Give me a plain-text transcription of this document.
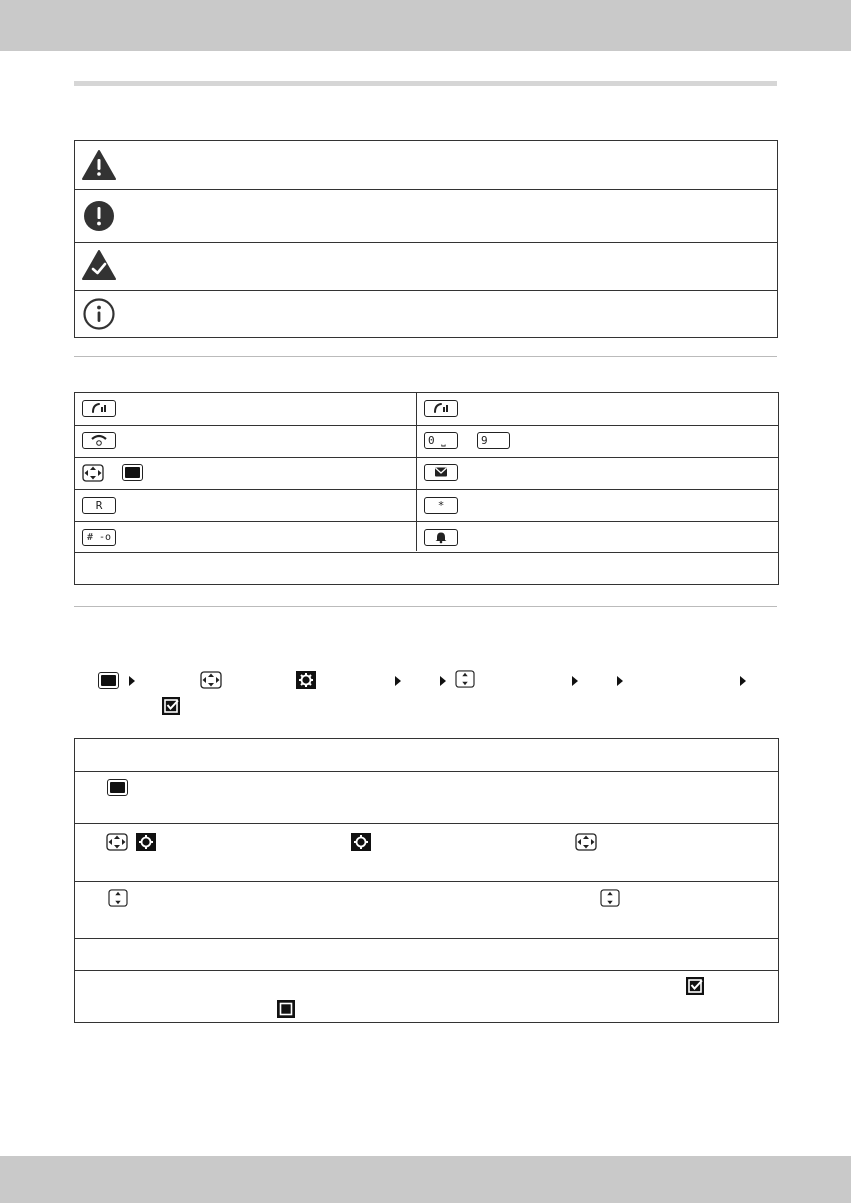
0 ⎵	9
R	*
# -o
